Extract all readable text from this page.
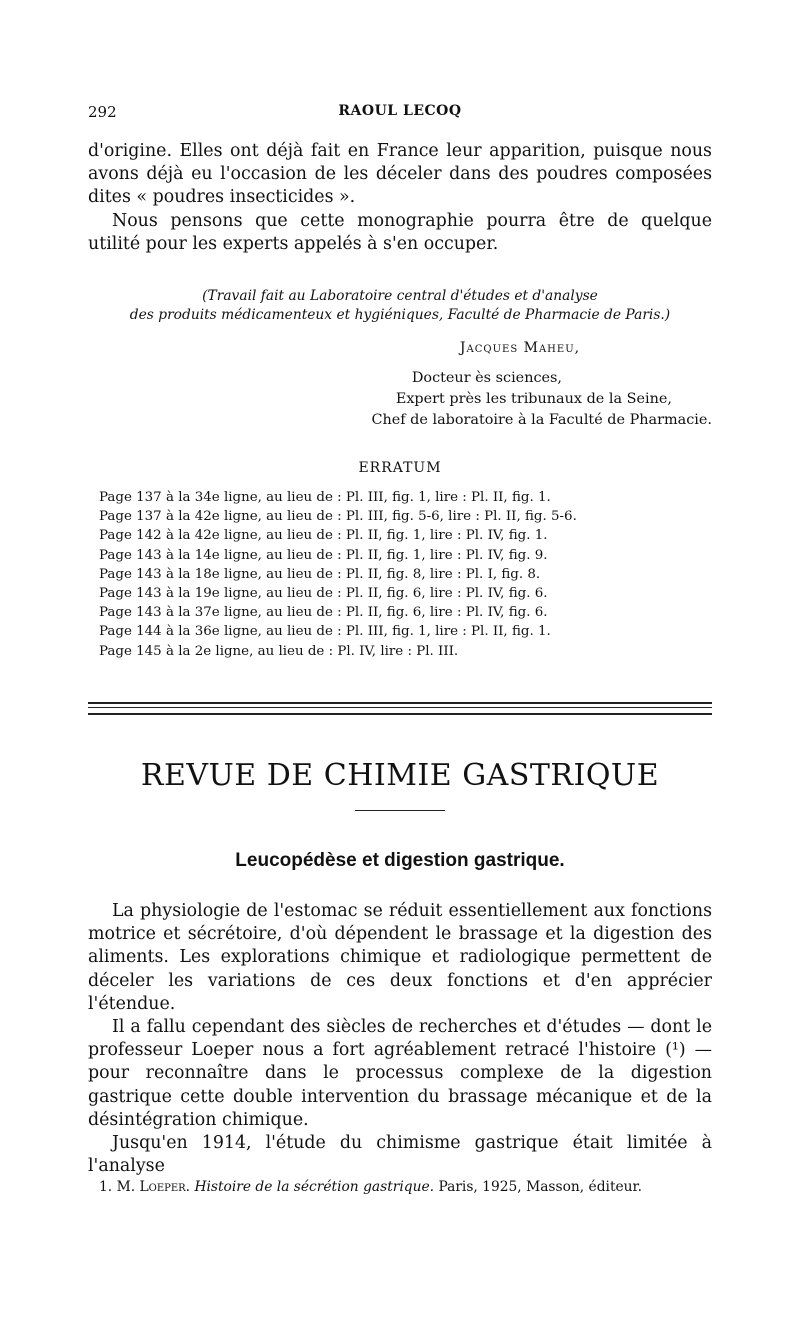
292	RAOUL LECOQ

d'origine. Elles ont déjà fait en France leur apparition, puisque nous avons déjà eu l'occasion de les déceler dans des poudres composées dites « poudres insecticides ».

Nous pensons que cette monographie pourra être de quelque utilité pour les experts appelés à s'en occuper.

(Travail fait au Laboratoire central d'études et d'analyse
des produits médicamenteux et hygiéniques, Faculté de Pharmacie de Paris.)
Jacques Maheu,
Docteur ès sciences,
Expert près les tribunaux de la Seine,
Chef de laboratoire à la Faculté de Pharmacie.
ERRATUM
Page 137 à la 34e ligne, au lieu de : Pl. III, fig. 1, lire : Pl. II, fig. 1.
Page 137 à la 42e ligne, au lieu de : Pl. III, fig. 5-6, lire : Pl. II, fig. 5-6.
Page 142 à la 42e ligne, au lieu de : Pl. II, fig. 1, lire : Pl. IV, fig. 1.
Page 143 à la 14e ligne, au lieu de : Pl. II, fig. 1, lire : Pl. IV, fig. 9.
Page 143 à la 18e ligne, au lieu de : Pl. II, fig. 8, lire : Pl. I, fig. 8.
Page 143 à la 19e ligne, au lieu de : Pl. II, fig. 6, lire : Pl. IV, fig. 6.
Page 143 à la 37e ligne, au lieu de : Pl. II, fig. 6, lire : Pl. IV, fig. 6.
Page 144 à la 36e ligne, au lieu de : Pl. III, fig. 1, lire : Pl. II, fig. 1.
Page 145 à la 2e ligne, au lieu de : Pl. IV, lire : Pl. III.
REVUE DE CHIMIE GASTRIQUE
Leucopédèse et digestion gastrique.

La physiologie de l'estomac se réduit essentiellement aux fonctions motrice et sécrétoire, d'où dépendent le brassage et la digestion des aliments. Les explorations chimique et radiologique permettent de déceler les variations de ces deux fonctions et d'en apprécier l'étendue.

Il a fallu cependant des siècles de recherches et d'études — dont le professeur Loeper nous a fort agréablement retracé l'histoire (¹) — pour reconnaître dans le processus complexe de la digestion gastrique cette double intervention du brassage mécanique et de la désintégration chimique.

Jusqu'en 1914, l'étude du chimisme gastrique était limitée à l'analyse

1. M. Loeper. Histoire de la sécrétion gastrique. Paris, 1925, Masson, éditeur.
